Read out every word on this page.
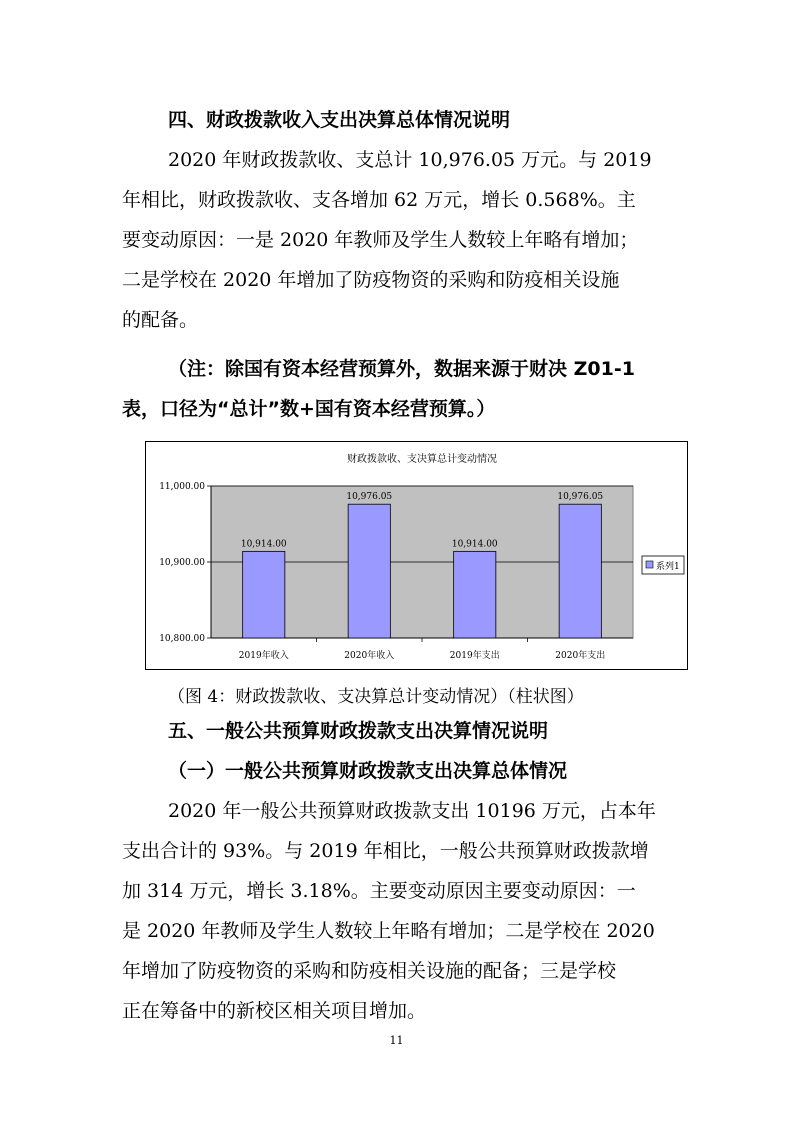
四、财政拨款收入支出决算总体情况说明
2020 年财政拨款收、支总计 10,976.05 万元。与 2019
年相比，财政拨款收、支各增加 62 万元，增长 0.568%。主
要变动原因：一是 2020 年教师及学生人数较上年略有增加；
二是学校在 2020 年增加了防疫物资的采购和防疫相关设施
的配备。
（注：除国有资本经营预算外，数据来源于财决 Z01-1
表，口径为“总计”数+国有资本经营预算。）
财政拨款收、支决算总计变动情况
11,000.00
10,900.00
10,800.00
10,914.00
2019年收入
10,976.05
2020年收入
10,914.00
2019年支出
10,976.05
2020年支出
系列1
（图 4：财政拨款收、支决算总计变动情况）（柱状图）
五、一般公共预算财政拨款支出决算情况说明
（一）一般公共预算财政拨款支出决算总体情况
2020 年一般公共预算财政拨款支出 10196 万元，占本年
支出合计的 93%。与 2019 年相比，一般公共预算财政拨款增
加 314 万元，增长 3.18%。主要变动原因主要变动原因：一
是 2020 年教师及学生人数较上年略有增加；二是学校在 2020
年增加了防疫物资的采购和防疫相关设施的配备；三是学校
正在筹备中的新校区相关项目增加。
11
